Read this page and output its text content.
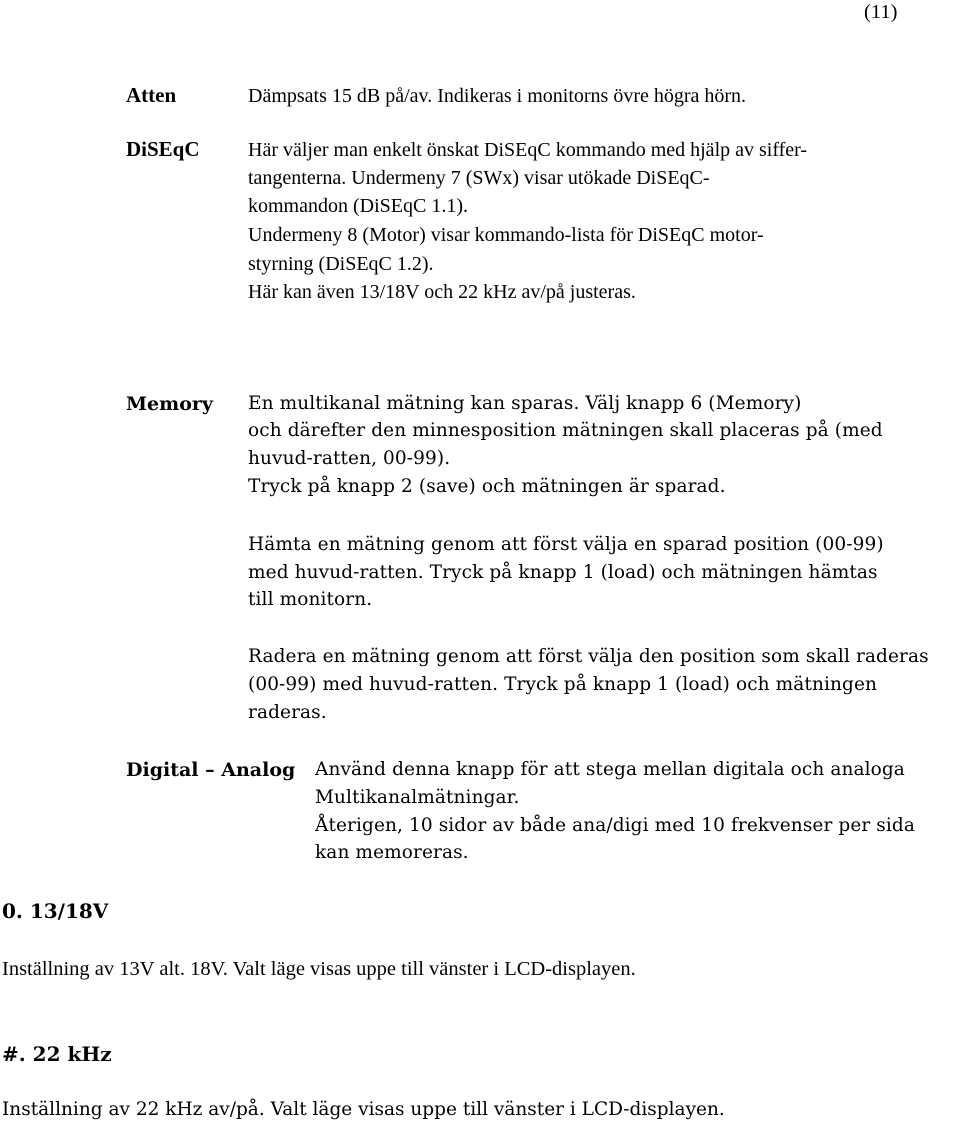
(11)
Atten	Dämpsats 15 dB på/av. Indikeras i monitorns övre högra hörn.
DiSEqC Här väljer man enkelt önskat DiSEqC kommando med hjälp av siffer-
tangenterna. Undermeny 7 (SWx) visar utökade DiSEqC-
kommandon (DiSEqC 1.1).
Undermeny 8 (Motor) visar kommando-lista för DiSEqC motor-
styrning (DiSEqC 1.2).
Här kan även 13/18V och 22 kHz av/på justeras.
Memory En multikanal mätning kan sparas. Välj knapp 6 (Memory)
och därefter den minnesposition mätningen skall placeras på (med
huvud-ratten, 00-99).
Tryck på knapp 2 (save) och mätningen är sparad.
Hämta en mätning genom att först välja en sparad position (00-99)
med huvud-ratten. Tryck på knapp 1 (load) och mätningen hämtas
till monitorn.
Radera en mätning genom att först välja den position som skall raderas
(00-99) med huvud-ratten. Tryck på knapp 1 (load) och mätningen
raderas.
Digital – Analog Använd denna knapp för att stega mellan digitala och analoga
Multikanalmätningar.
Återigen, 10 sidor av både ana/digi med 10 frekvenser per sida
kan memoreras.
0. 13/18V
Inställning av 13V alt. 18V. Valt läge visas uppe till vänster i LCD-displayen.
#. 22 kHz
Inställning av 22 kHz av/på. Valt läge visas uppe till vänster i LCD-displayen.
